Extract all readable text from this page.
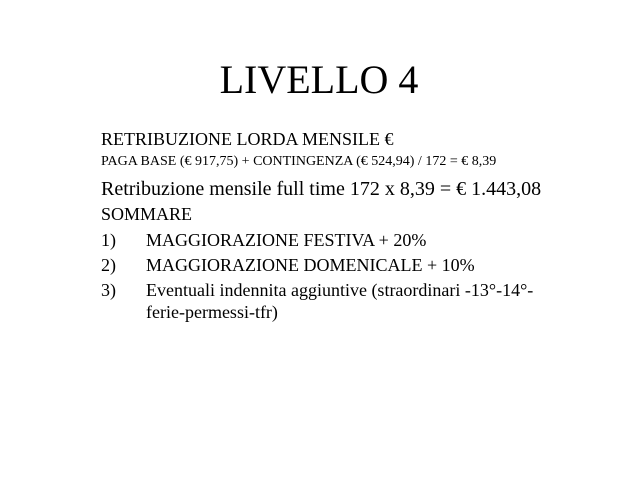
LIVELLO 4
RETRIBUZIONE LORDA MENSILE €
PAGA BASE (€ 917,75) + CONTINGENZA (€ 524,94) / 172 = € 8,39
Retribuzione mensile full time 172 x 8,39 = € 1.443,08
SOMMARE
1) MAGGIORAZIONE FESTIVA + 20%
2) MAGGIORAZIONE DOMENICALE + 10%
3) Eventuali indennita aggiuntive (straordinari -13°-14°-ferie-permessi-tfr)
